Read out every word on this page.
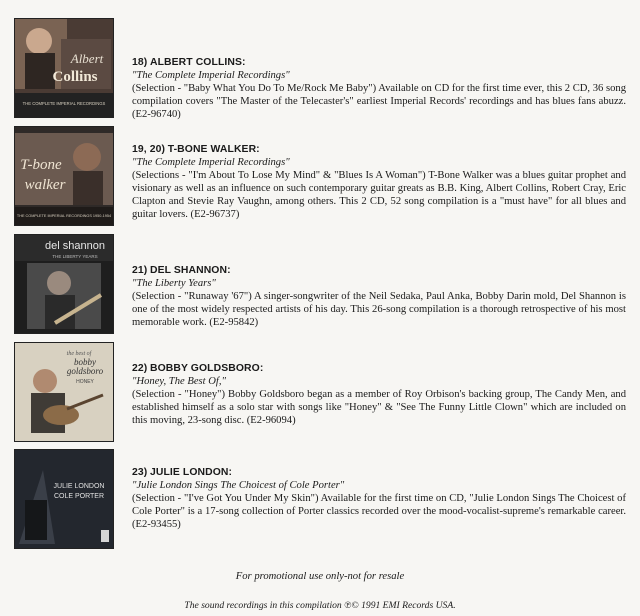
Albert
Collins
THE COMPLETE IMPERIAL RECORDINGS
18) ALBERT COLLINS:
"The Complete Imperial Recordings"
(Selection - "Baby What You Do To Me/Rock Me Baby") Available on CD for the first time ever, this 2 CD, 36 song compilation covers "The Master of the Telecaster's" earliest Imperial Records' recordings and has blues fans abuzz. (E2-96740)
T-bone
walker
THE COMPLETE IMPERIAL RECORDINGS 1950-1954
19, 20) T-BONE WALKER:
"The Complete Imperial Recordings"
(Selections - "I'm About To Lose My Mind" & "Blues Is A Woman") T-Bone Walker was a blues guitar prophet and visionary as well as an influence on such contemporary guitar greats as B.B. King, Albert Collins, Robert Cray, Eric Clapton and Stevie Ray Vaughn, among others. This 2 CD, 52 song compilation is a "must have" for all blues and guitar lovers. (E2-96737)
del shannon
THE LIBERTY YEARS
21) DEL SHANNON:
"The Liberty Years"
(Selection - "Runaway '67") A singer-songwriter of the Neil Sedaka, Paul Anka, Bobby Darin mold, Del Shannon is one of the most widely respected artists of his day. This 26-song compilation is a thorough retrospective of his most memorable work. (E2-95842)
the best of
bobby
goldsboro
HONEY
22) BOBBY GOLDSBORO:
"Honey, The Best Of,"
(Selection - "Honey") Bobby Goldsboro began as a member of Roy Orbison's backing group, The Candy Men, and established himself as a solo star with songs like "Honey" & "See The Funny Little Clown" which are included on this moving, 23-song disc. (E2-96094)
JULIE LONDON
COLE PORTER
23) JULIE LONDON:
"Julie London Sings The Choicest of Cole Porter"
(Selection - "I've Got You Under My Skin") Available for the first time on CD, "Julie London Sings The Choicest of Cole Porter" is a 17-song collection of Porter classics recorded over the mood-vocalist-supreme's remarkable career. (E2-93455)
For promotional use only-not for resale
The sound recordings in this compilation ℗© 1991 EMI Records USA.
